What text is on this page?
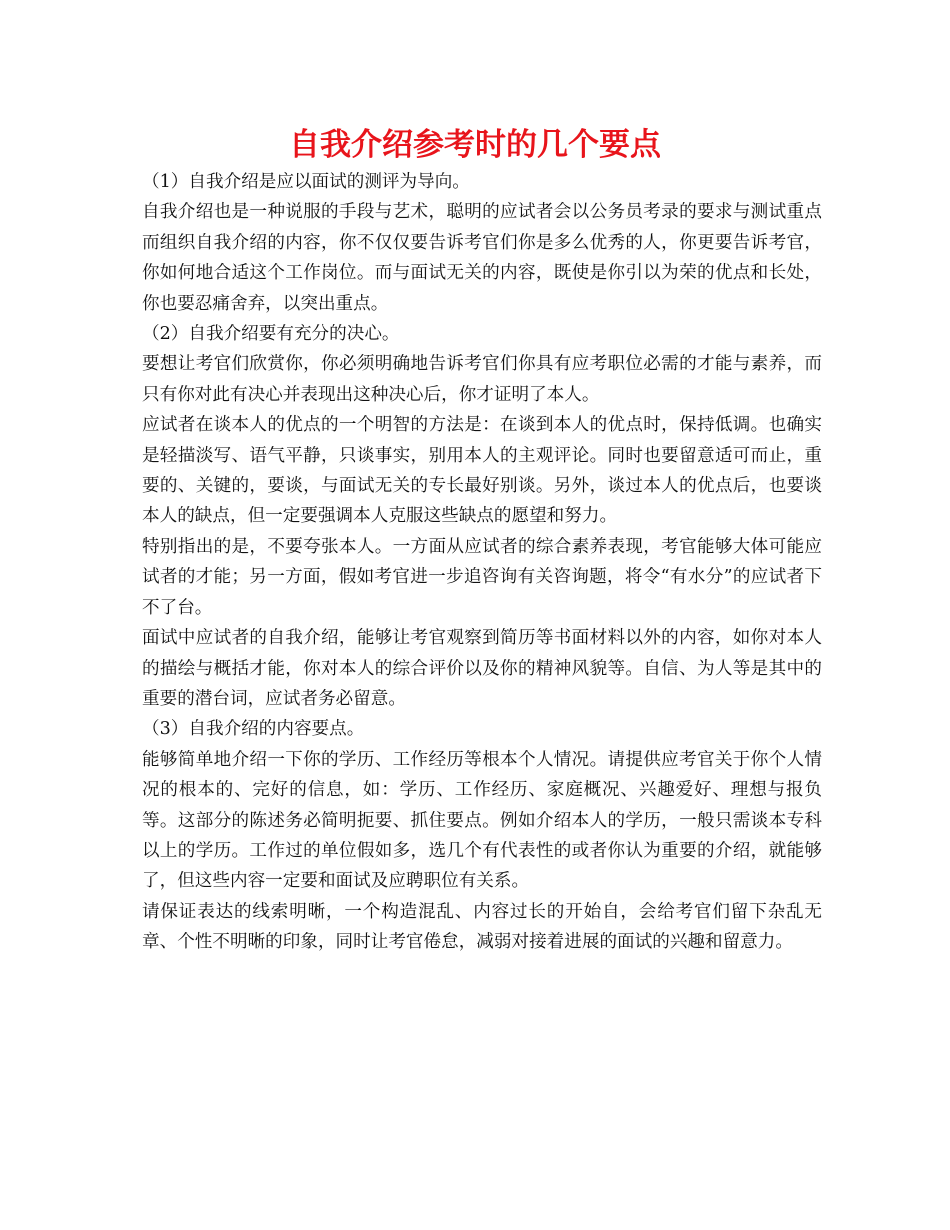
自我介绍参考时的几个要点

（1）自我介绍是应以面试的测评为导向。

自我介绍也是一种说服的手段与艺术，聪明的应试者会以公务员考录的要求与测试重点而组织自我介绍的内容，你不仅仅要告诉考官们你是多么优秀的人，你更要告诉考官，你如何地合适这个工作岗位。而与面试无关的内容，既使是你引以为荣的优点和长处，你也要忍痛舍弃，以突出重点。

（2）自我介绍要有充分的决心。

要想让考官们欣赏你，你必须明确地告诉考官们你具有应考职位必需的才能与素养，而只有你对此有决心并表现出这种决心后，你才证明了本人。

应试者在谈本人的优点的一个明智的方法是：在谈到本人的优点时，保持低调。也确实是轻描淡写、语气平静，只谈事实，别用本人的主观评论。同时也要留意适可而止，重要的、关键的，要谈，与面试无关的专长最好别谈。另外，谈过本人的优点后，也要谈本人的缺点，但一定要强调本人克服这些缺点的愿望和努力。

特别指出的是，不要夸张本人。一方面从应试者的综合素养表现，考官能够大体可能应试者的才能；另一方面，假如考官进一步追咨询有关咨询题，将令“有水分”的应试者下不了台。

面试中应试者的自我介绍，能够让考官观察到简历等书面材料以外的内容，如你对本人的描绘与概括才能，你对本人的综合评价以及你的精神风貌等。自信、为人等是其中的重要的潜台词，应试者务必留意。

（3）自我介绍的内容要点。

能够简单地介绍一下你的学历、工作经历等根本个人情况。请提供应考官关于你个人情况的根本的、完好的信息，如：学历、工作经历、家庭概况、兴趣爱好、理想与报负等。这部分的陈述务必简明扼要、抓住要点。例如介绍本人的学历，一般只需谈本专科以上的学历。工作过的单位假如多，选几个有代表性的或者你认为重要的介绍，就能够了，但这些内容一定要和面试及应聘职位有关系。

请保证表达的线索明晰，一个构造混乱、内容过长的开始自，会给考官们留下杂乱无章、个性不明晰的印象，同时让考官倦怠，减弱对接着进展的面试的兴趣和留意力。
